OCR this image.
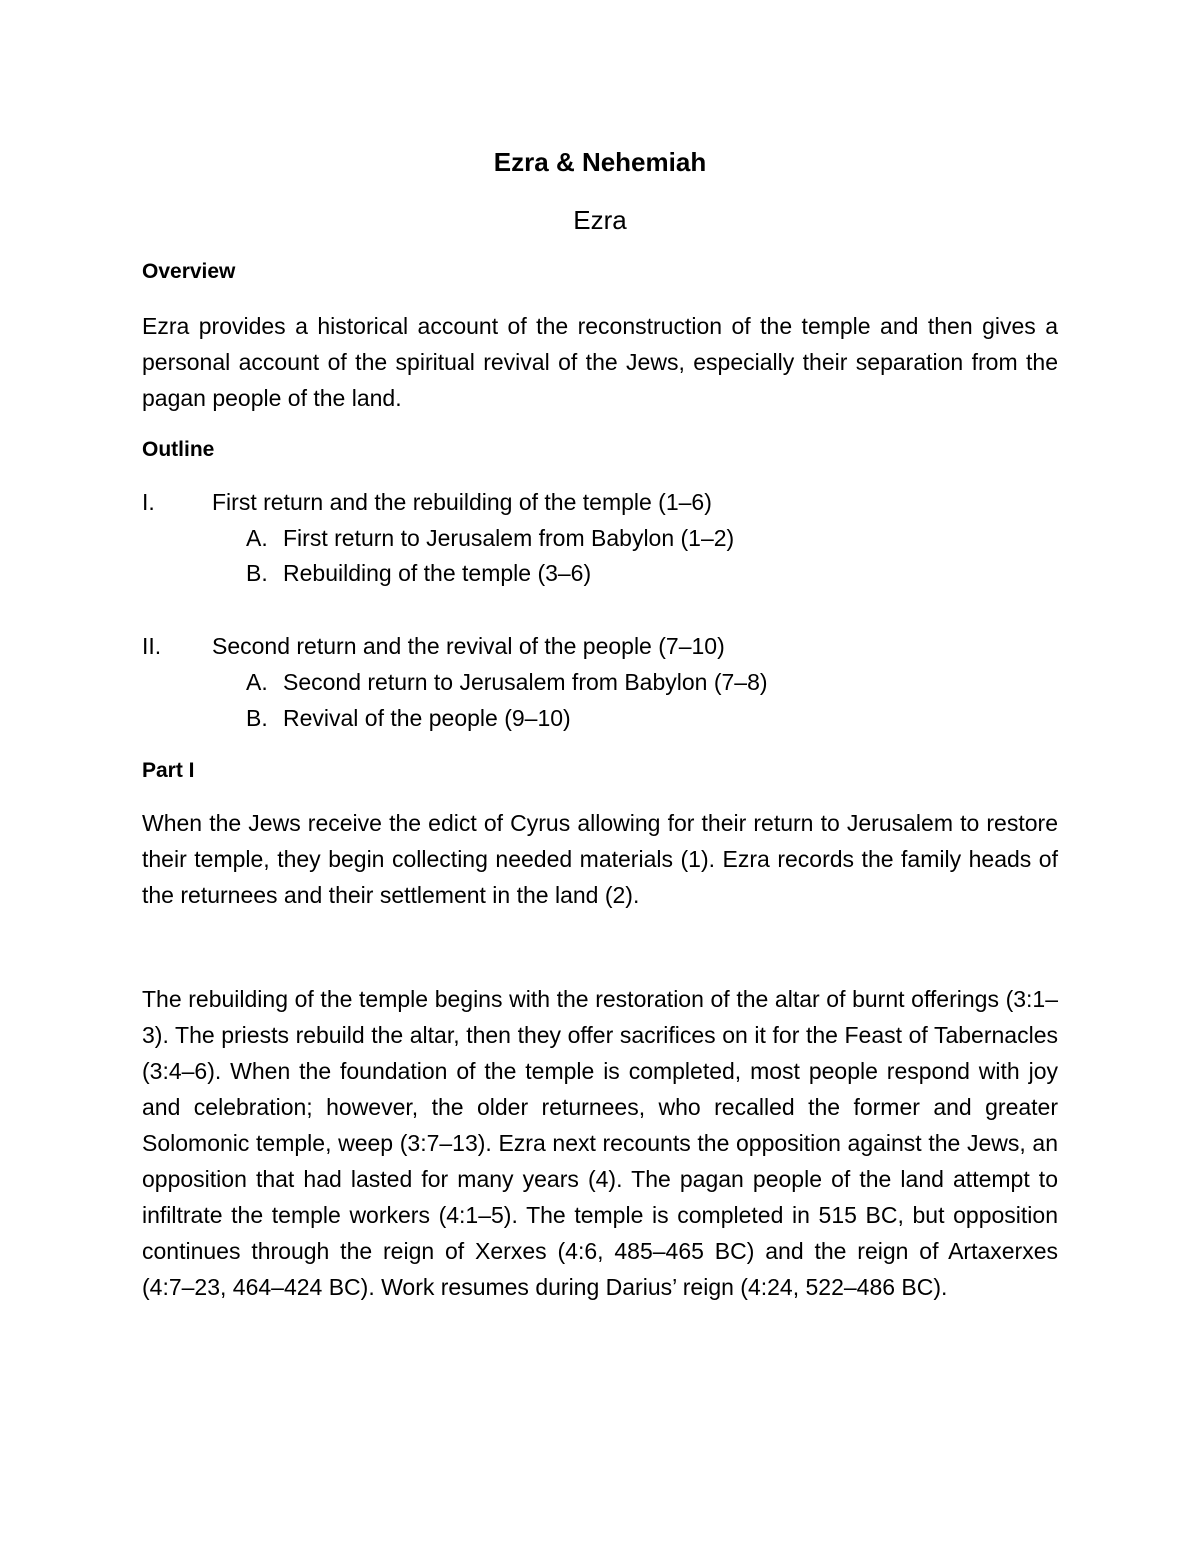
Ezra & Nehemiah
Ezra
Overview
Ezra provides a historical account of the reconstruction of the temple and then gives a personal account of the spiritual revival of the Jews, especially their separation from the pagan people of the land.
Outline
I. First return and the rebuilding of the temple (1–6)
A. First return to Jerusalem from Babylon (1–2)
B. Rebuilding of the temple (3–6)
II. Second return and the revival of the people (7–10)
A. Second return to Jerusalem from Babylon (7–8)
B. Revival of the people (9–10)
Part I
When the Jews receive the edict of Cyrus allowing for their return to Jerusalem to restore their temple, they begin collecting needed materials (1). Ezra records the family heads of the returnees and their settlement in the land (2).
The rebuilding of the temple begins with the restoration of the altar of burnt offerings (3:1–3). The priests rebuild the altar, then they offer sacrifices on it for the Feast of Tabernacles (3:4–6). When the foundation of the temple is completed, most people respond with joy and celebration; however, the older returnees, who recalled the former and greater Solomonic temple, weep (3:7–13). Ezra next recounts the opposition against the Jews, an opposition that had lasted for many years (4). The pagan people of the land attempt to infiltrate the temple workers (4:1–5). The temple is completed in 515 BC, but opposition continues through the reign of Xerxes (4:6, 485–465 BC) and the reign of Artaxerxes (4:7–23, 464–424 BC). Work resumes during Darius’ reign (4:24, 522–486 BC).
